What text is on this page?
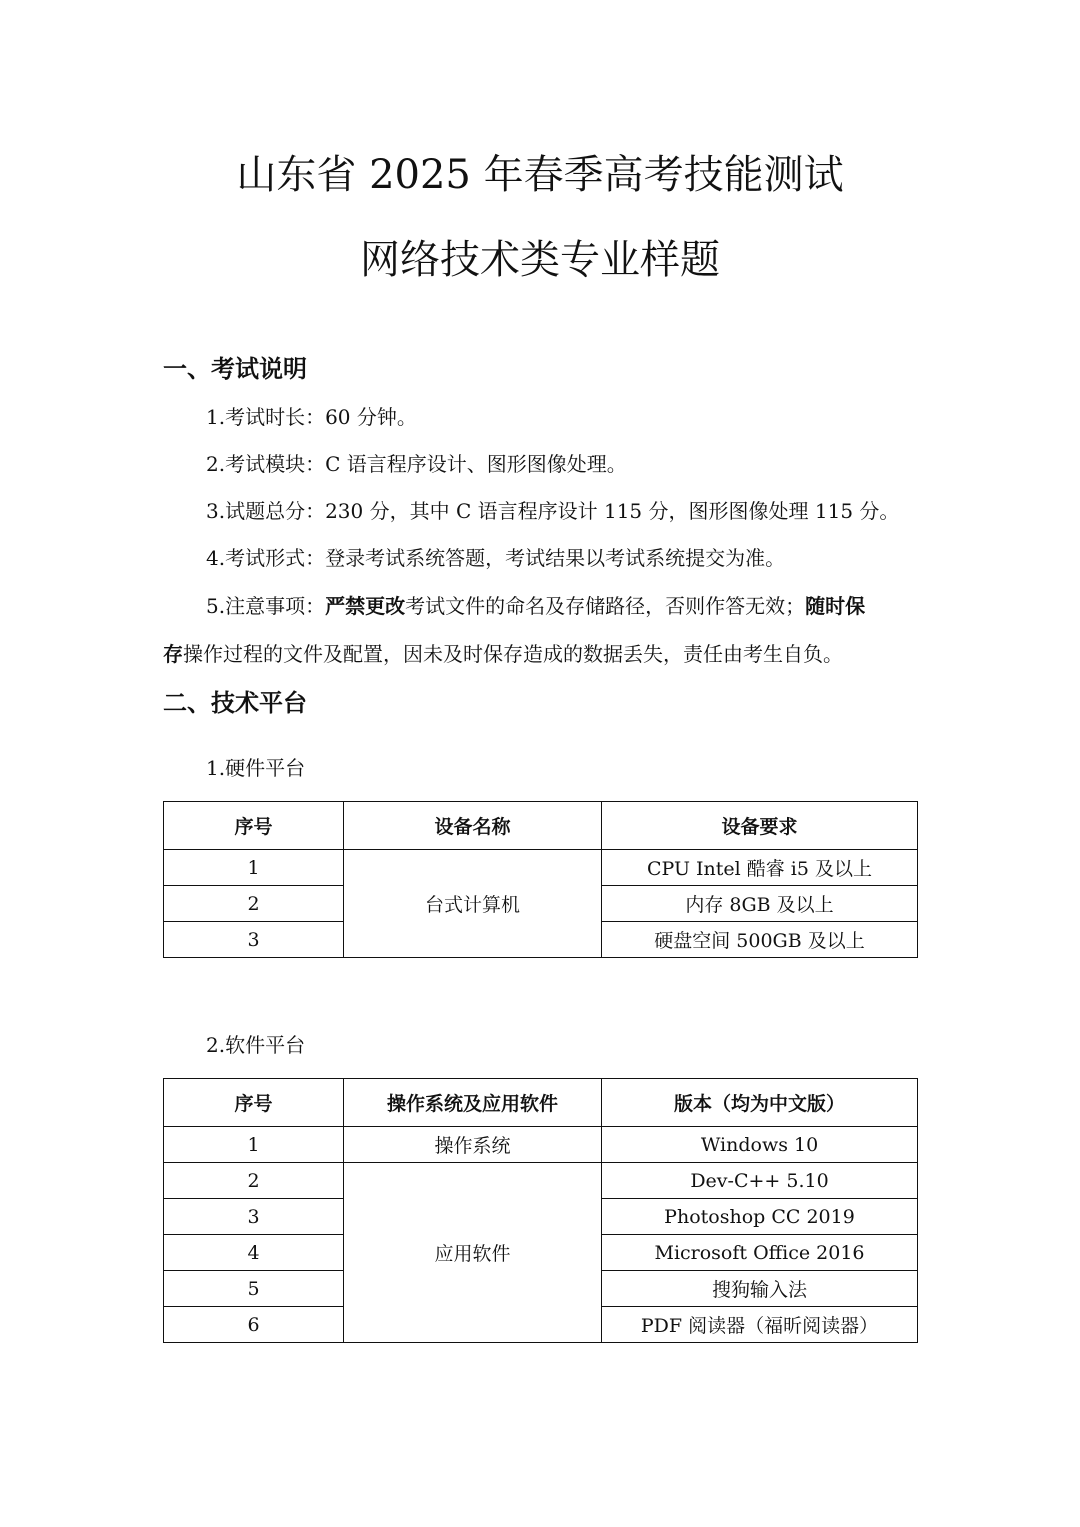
山东省 2025 年春季高考技能测试
网络技术类专业样题
一、考试说明
1.考试时长：60 分钟。
2.考试模块：C 语言程序设计、图形图像处理。
3.试题总分：230 分，其中 C 语言程序设计 115 分，图形图像处理 115 分。
4.考试形式：登录考试系统答题，考试结果以考试系统提交为准。
5.注意事项：严禁更改考试文件的命名及存储路径，否则作答无效；随时保
存操作过程的文件及配置，因未及时保存造成的数据丢失，责任由考生自负。
二、技术平台
1.硬件平台
序号	设备名称	设备要求
1	台式计算机	CPU Intel 酷睿 i5 及以上
2		内存 8GB 及以上
3		硬盘空间 500GB 及以上
2.软件平台
序号	操作系统及应用软件	版本（均为中文版）
1	操作系统	Windows 10
2	应用软件	Dev-C++ 5.10
3		Photoshop CC 2019
4		Microsoft Office 2016
5		搜狗输入法
6		PDF 阅读器（福昕阅读器）
